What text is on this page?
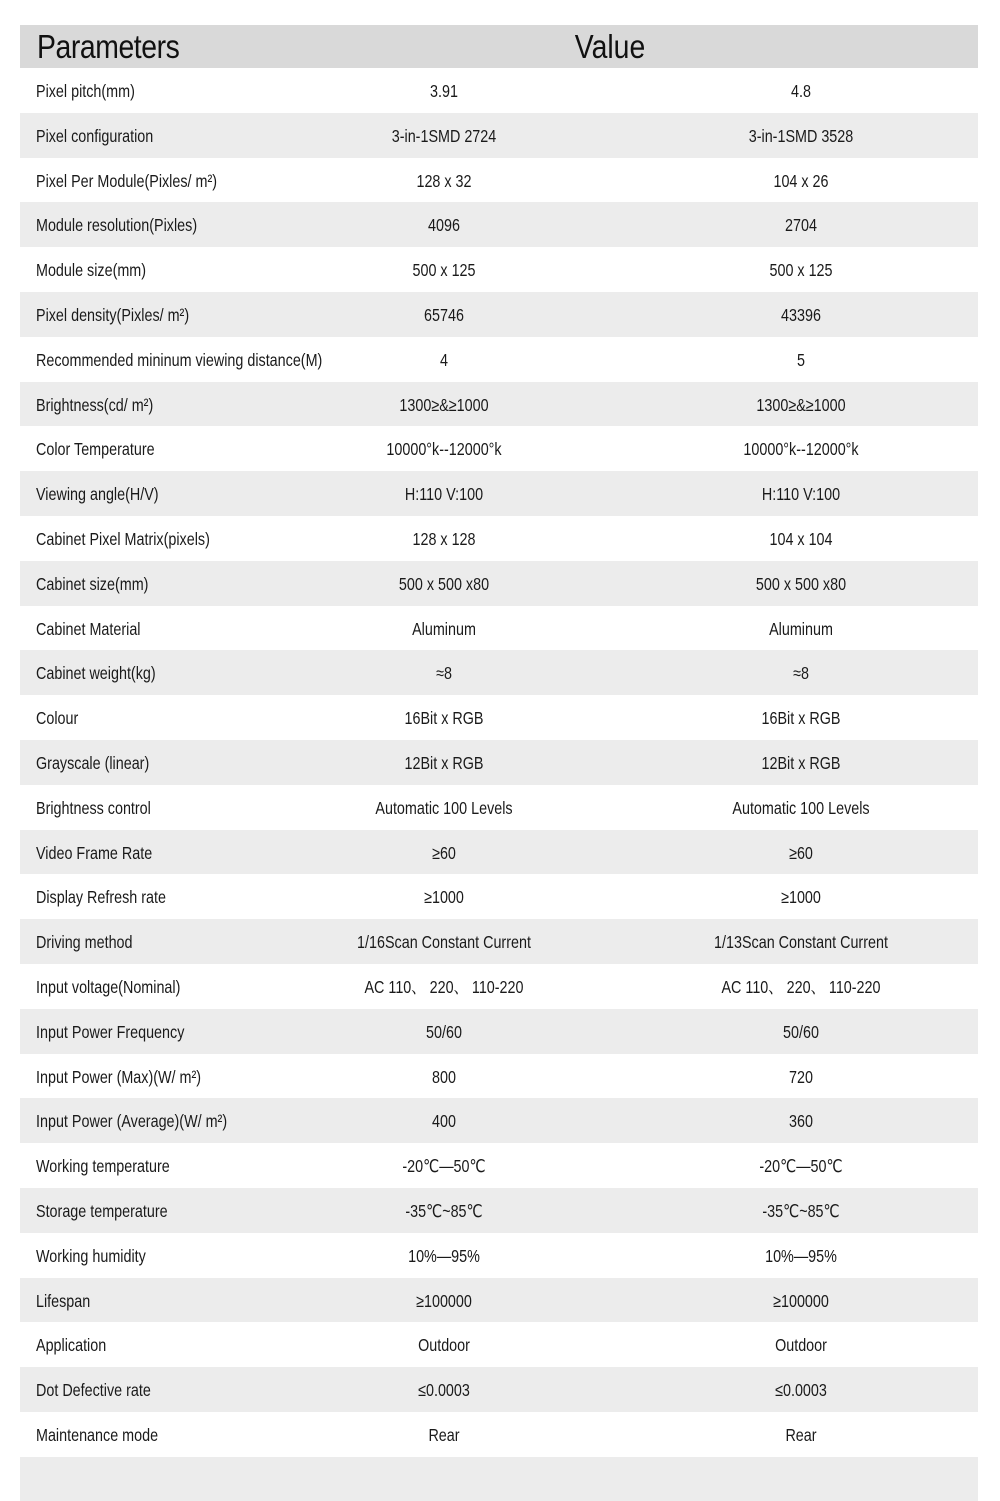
Parameters	Value
Pixel pitch(mm)	3.91	4.8
Pixel configuration	3-in-1SMD 2724	3-in-1SMD 3528
Pixel Per Module(Pixles/ m²)	128 x 32	104 x 26
Module resolution(Pixles)	4096	2704
Module size(mm)	500 x 125	500 x 125
Pixel density(Pixles/ m²)	65746	43396
Recommended mininum viewing distance(M)	4	5
Brightness(cd/ m²)	1300≥&≥1000	1300≥&≥1000
Color Temperature	10000°k--12000°k	10000°k--12000°k
Viewing angle(H/V)	H:110 V:100	H:110 V:100
Cabinet Pixel Matrix(pixels)	128 x 128	104 x 104
Cabinet size(mm)	500 x 500 x80	500 x 500 x80
Cabinet Material	Aluminum	Aluminum
Cabinet weight(kg)	≈8	≈8
Colour	16Bit x RGB	16Bit x RGB
Grayscale (linear)	12Bit x RGB	12Bit x RGB
Brightness control	Automatic 100 Levels	Automatic 100 Levels
Video Frame Rate	≥60	≥60
Display Refresh rate	≥1000	≥1000
Driving method	1/16Scan Constant Current	1/13Scan Constant Current
Input voltage(Nominal)	AC 110、 220、 110-220	AC 110、 220、 110-220
Input Power Frequency	50/60	50/60
Input Power (Max)(W/ m²)	800	720
Input Power (Average)(W/ m²)	400	360
Working temperature	-20℃—50℃	-20℃—50℃
Storage temperature	-35℃~85℃	-35℃~85℃
Working humidity	10%—95%	10%—95%
Lifespan	≥100000	≥100000
Application	Outdoor	Outdoor
Dot Defective rate	≤0.0003	≤0.0003
Maintenance mode	Rear	Rear
